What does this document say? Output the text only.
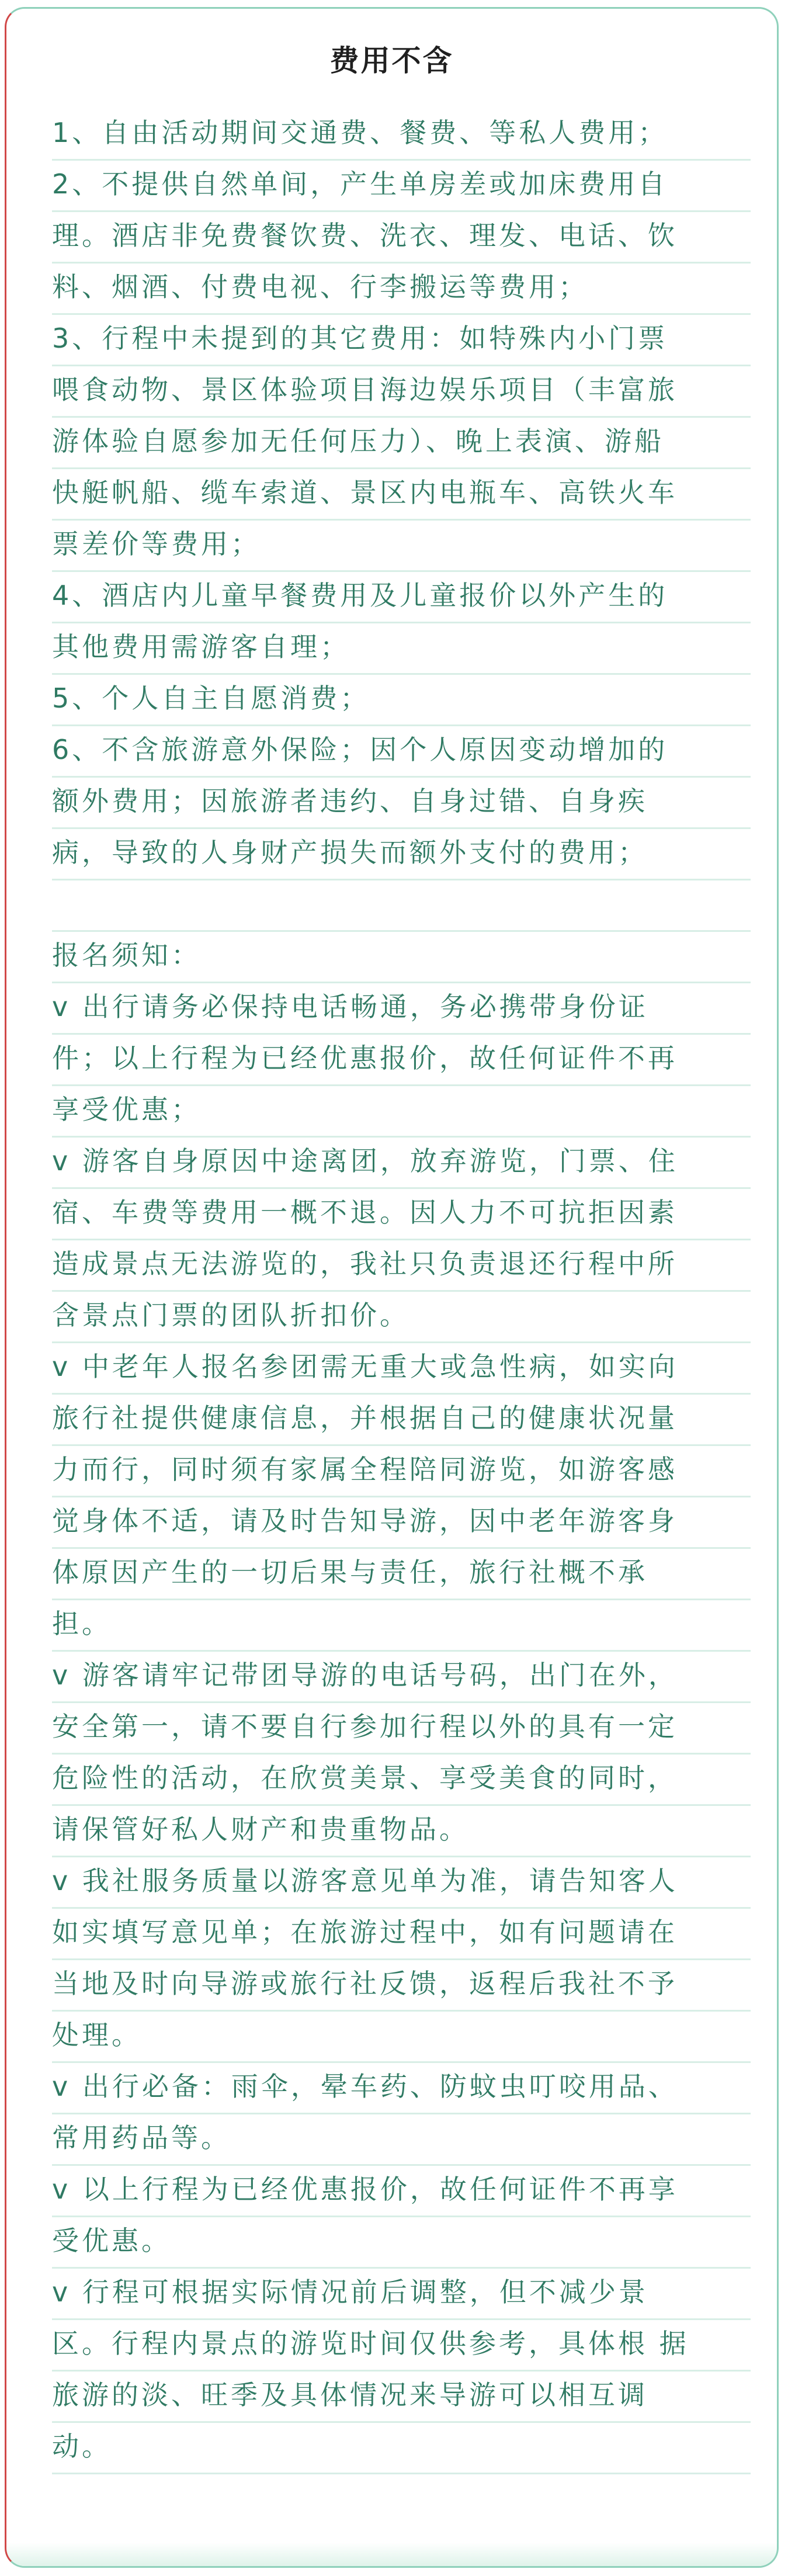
费用不含
1、自由活动期间交通费、餐费、等私人费用；
2、不提供自然单间，产生单房差或加床费用自
理。酒店非免费餐饮费、洗衣、理发、电话、饮
料、烟酒、付费电视、行李搬运等费用；
3、行程中未提到的其它费用：如特殊内小门票
喂食动物、景区体验项目海边娱乐项目（丰富旅
游体验自愿参加无任何压力）、晚上表演、游船
快艇帆船、缆车索道、景区内电瓶车、高铁火车
票差价等费用；
4、酒店内儿童早餐费用及儿童报价以外产生的
其他费用需游客自理；
5、个人自主自愿消费；
6、不含旅游意外保险；因个人原因变动增加的
额外费用；因旅游者违约、自身过错、自身疾
病，导致的人身财产损失而额外支付的费用；
报名须知：
v 出行请务必保持电话畅通，务必携带身份证
件；以上行程为已经优惠报价，故任何证件不再
享受优惠；
v 游客自身原因中途离团，放弃游览，门票、住
宿、车费等费用一概不退。因人力不可抗拒因素
造成景点无法游览的，我社只负责退还行程中所
含景点门票的团队折扣价。
v 中老年人报名参团需无重大或急性病，如实向
旅行社提供健康信息，并根据自己的健康状况量
力而行，同时须有家属全程陪同游览，如游客感
觉身体不适，请及时告知导游，因中老年游客身
体原因产生的一切后果与责任，旅行社概不承
担。
v 游客请牢记带团导游的电话号码，出门在外，
安全第一，请不要自行参加行程以外的具有一定
危险性的活动，在欣赏美景、享受美食的同时，
请保管好私人财产和贵重物品。
v 我社服务质量以游客意见单为准，请告知客人
如实填写意见单；在旅游过程中，如有问题请在
当地及时向导游或旅行社反馈，返程后我社不予
处理。
v 出行必备：雨伞，晕车药、防蚊虫叮咬用品、
常用药品等。
v 以上行程为已经优惠报价，故任何证件不再享
受优惠。
v 行程可根据实际情况前后调整，但不减少景
区。行程内景点的游览时间仅供参考，具体根 据
旅游的淡、旺季及具体情况来导游可以相互调
动。
